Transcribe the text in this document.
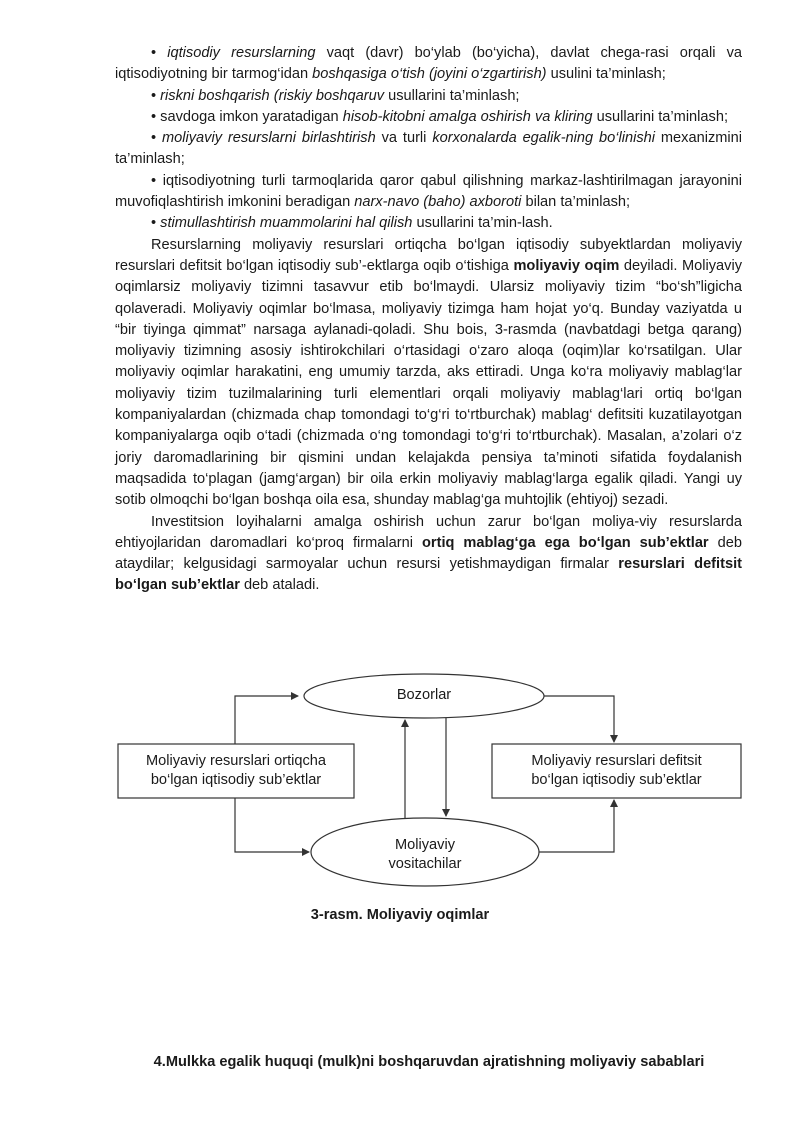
• iqtisodiy resurslarning vaqt (davr) bo‘ylab (bo‘yicha), davlat chega-rasi orqali va iqtisodiyotning bir tarmog‘idan boshqasiga o‘tish (joyini o‘zgartirish) usulini ta’minlash;

• riskni boshqarish (riskiy boshqaruv usullarini ta’minlash;

• savdoga imkon yaratadigan hisob-kitobni amalga oshirish va kliring usullarini ta’minlash;

• moliyaviy resurslarni birlashtirish va turli korxonalarda egalik-ning bo‘linishi mexanizmini ta’minlash;

• iqtisodiyotning turli tarmoqlarida qaror qabul qilishning markaz-lashtirilmagan jarayonini muvofiqlashtirish imkonini beradigan narx-navo (baho) axboroti bilan ta’minlash;

• stimullashtirish muammolarini hal qilish usullarini ta’min-lash.

Resurslarning moliyaviy resurslari ortiqcha bo‘lgan iqtisodiy subyektlardan moliyaviy resurslari defitsit bo‘lgan iqtisodiy sub’-ektlarga oqib o‘tishiga moliyaviy oqim deyiladi. Moliyaviy oqimlarsiz moliyaviy tizimni tasavvur etib bo‘lmaydi. Ularsiz moliyaviy tizim “bo‘sh”ligicha qolaveradi. Moliyaviy oqimlar bo‘lmasa, moliyaviy tizimga ham hojat yo‘q. Bunday vaziyatda u “bir tiyinga qimmat” narsaga aylanadi-qoladi. Shu bois, 3-rasmda (navbatdagi betga qarang) moliyaviy tizimning asosiy ishtirokchilari o‘rtasidagi o‘zaro aloqa (oqim)lar ko‘rsatilgan. Ular moliyaviy oqimlar harakatini, eng umumiy tarzda, aks ettiradi. Unga ko‘ra moliyaviy mablag‘lar moliyaviy tizim tuzilmalarining turli elementlari orqali moliyaviy mablag‘lari ortiq bo‘lgan kompaniyalardan (chizmada chap tomondagi to‘g‘ri to‘rtburchak) mablag‘ defitsiti kuzatilayotgan kompaniyalarga oqib o‘tadi (chizmada o‘ng tomondagi to‘g‘ri to‘rtburchak). Masalan, a’zolari o‘z joriy daromadlarining bir qismini undan kelajakda pensiya ta’minoti sifatida foydalanish maqsadida to‘plagan (jamg‘argan) bir oila erkin moliyaviy mablag‘larga egalik qiladi. Yangi uy sotib olmoqchi bo‘lgan boshqa oila esa, shunday mablag‘ga muhtojlik (ehtiyoj) sezadi.

Investitsion loyihalarni amalga oshirish uchun zarur bo‘lgan moliya-viy resurslarda ehtiyojlaridan daromadlari ko‘proq firmalarni ortiq mablag‘ga ega bo‘lgan sub’ektlar deb ataydilar; kelgusidagi sarmoyalar uchun resursi yetishmaydigan firmalar resurslari defitsit bo‘lgan sub’ektlar deb ataladi.

Bozorlar
Moliyaviy resurslari ortiqcha
bo‘lgan iqtisodiy sub’ektlar
Moliyaviy resurslari defitsit
bo‘lgan iqtisodiy sub’ektlar
Moliyaviy
vositachilar
3-rasm. Moliyaviy oqimlar
4.Mulkka egalik huquqi (mulk)ni boshqaruvdan ajratishning moliyaviy sabablari
